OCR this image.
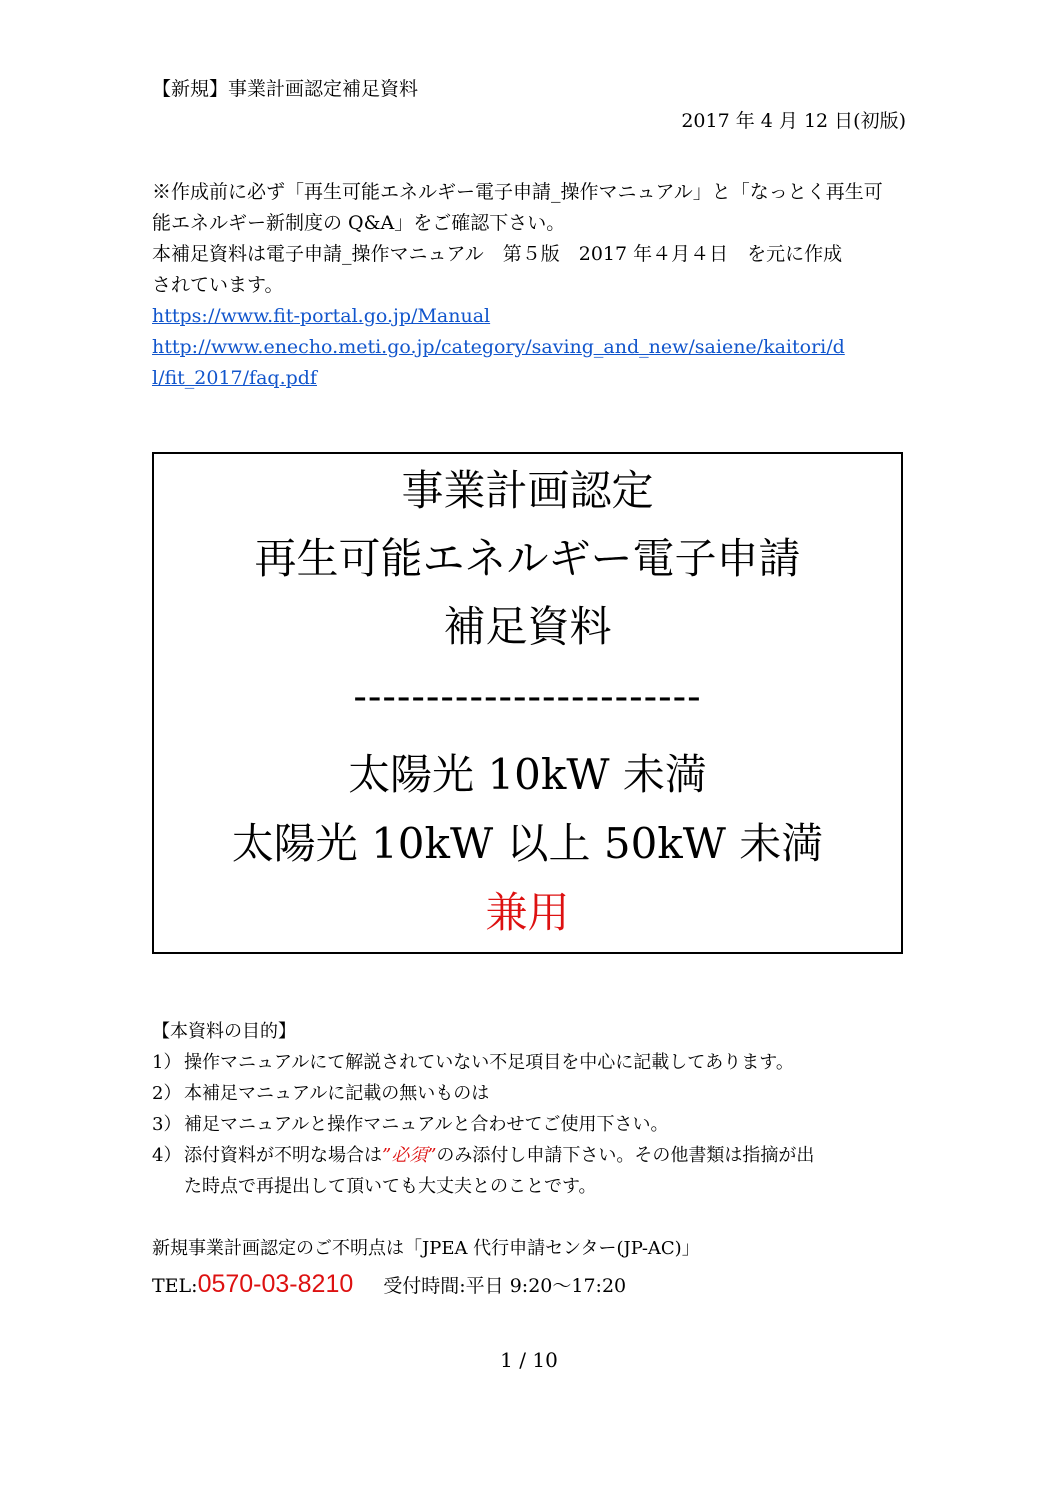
【新規】事業計画認定補足資料
2017 年 4 月 12 日(初版)
※作成前に必ず「再生可能エネルギー電子申請_操作マニュアル」と「なっとく再生可
能エネルギー新制度の Q&A」をご確認下さい。
本補足資料は電子申請_操作マニュアル　第５版　2017 年４月４日　を元に作成
されています。
https://www.fit-portal.go.jp/Manual
http://www.enecho.meti.go.jp/category/saving_and_new/saiene/kaitori/d
l/fit_2017/faq.pdf
事業計画認定
再生可能エネルギー電子申請
補足資料
------------------------
太陽光 10kW 未満
太陽光 10kW 以上 50kW 未満
兼用
【本資料の目的】
1） 操作マニュアルにて解説されていない不足項目を中心に記載してあります。
2） 本補足マニュアルに記載の無いものは
3） 補足マニュアルと操作マニュアルと合わせてご使用下さい。
4） 添付資料が不明な場合は”必須”のみ添付し申請下さい。その他書類は指摘が出
た時点で再提出して頂いても大丈夫とのことです。
新規事業計画認定のご不明点は「JPEA 代行申請センター(JP-AC)」
TEL:0570-03-8210 受付時間:平日 9:20〜17:20
1 / 10
